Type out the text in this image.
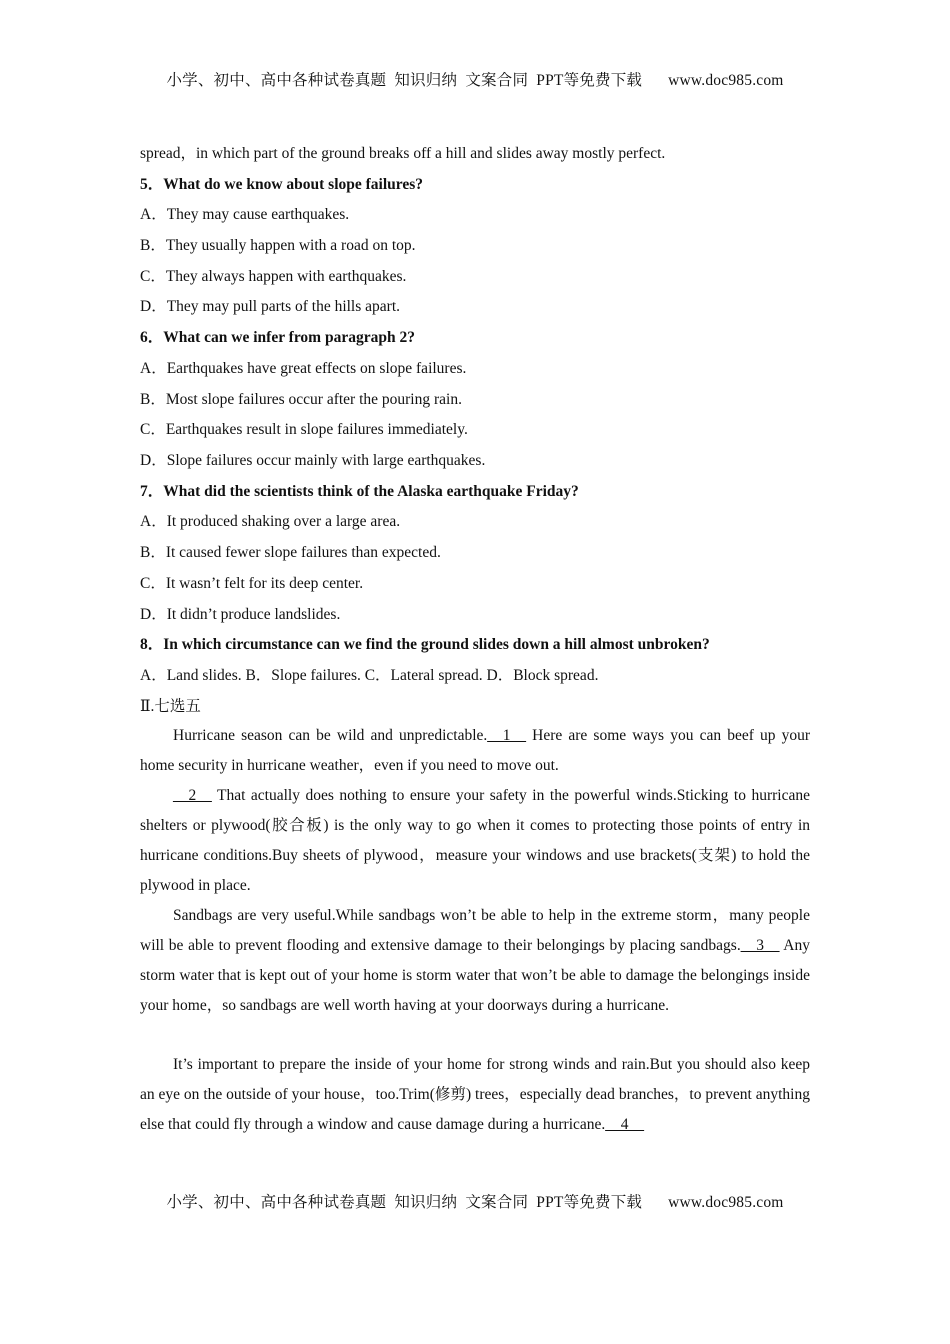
小学、初中、高中各种试卷真题  知识归纳  文案合同  PPT等免费下载 www.doc985.com
spread，in which part of the ground breaks off a hill and slides away mostly perfect.
5．What do we know about slope failures?
A．They may cause earthquakes.
B．They usually happen with a road on top.
C．They always happen with earthquakes.
D．They may pull parts of the hills apart.
6．What can we infer from paragraph 2?
A．Earthquakes have great effects on slope failures.
B．Most slope failures occur after the pouring rain.
C．Earthquakes result in slope failures immediately.
D．Slope failures occur mainly with large earthquakes.
7．What did the scientists think of the Alaska earthquake Friday?
A．It produced shaking over a large area.
B．It caused fewer slope failures than expected.
C．It wasn’t felt for its deep center.
D．It didn’t produce landslides.
8．In which circumstance can we find the ground slides down a hill almost unbroken?
A．Land slides. B．Slope failures. C．Lateral spread. D．Block spread.
Ⅱ.七选五

Hurricane season can be wild and unpredictable.__1__ Here are some ways you can beef up your home security in hurricane weather，even if you need to move out.

__2__ That actually does nothing to ensure your safety in the powerful winds.Sticking to hurricane shelters or plywood(胶合板) is the only way to go when it comes to protecting those points of entry in hurricane conditions.Buy sheets of plywood，measure your windows and use brackets(支架) to hold the plywood in place.

Sandbags are very useful.While sandbags won’t be able to help in the extreme storm，many people will be able to prevent flooding and extensive damage to their belongings by placing sandbags.__3__ Any storm water that is kept out of your home is storm water that won’t be able to damage the belongings inside your home，so sandbags are well worth having at your doorways during a hurricane.

It’s important to prepare the inside of your home for strong winds and rain.But you should also keep an eye on the outside of your house，too.Trim(修剪) trees，especially dead branches，to prevent anything else that could fly through a window and cause damage during a hurricane.__4__

小学、初中、高中各种试卷真题  知识归纳  文案合同  PPT等免费下载 www.doc985.com
